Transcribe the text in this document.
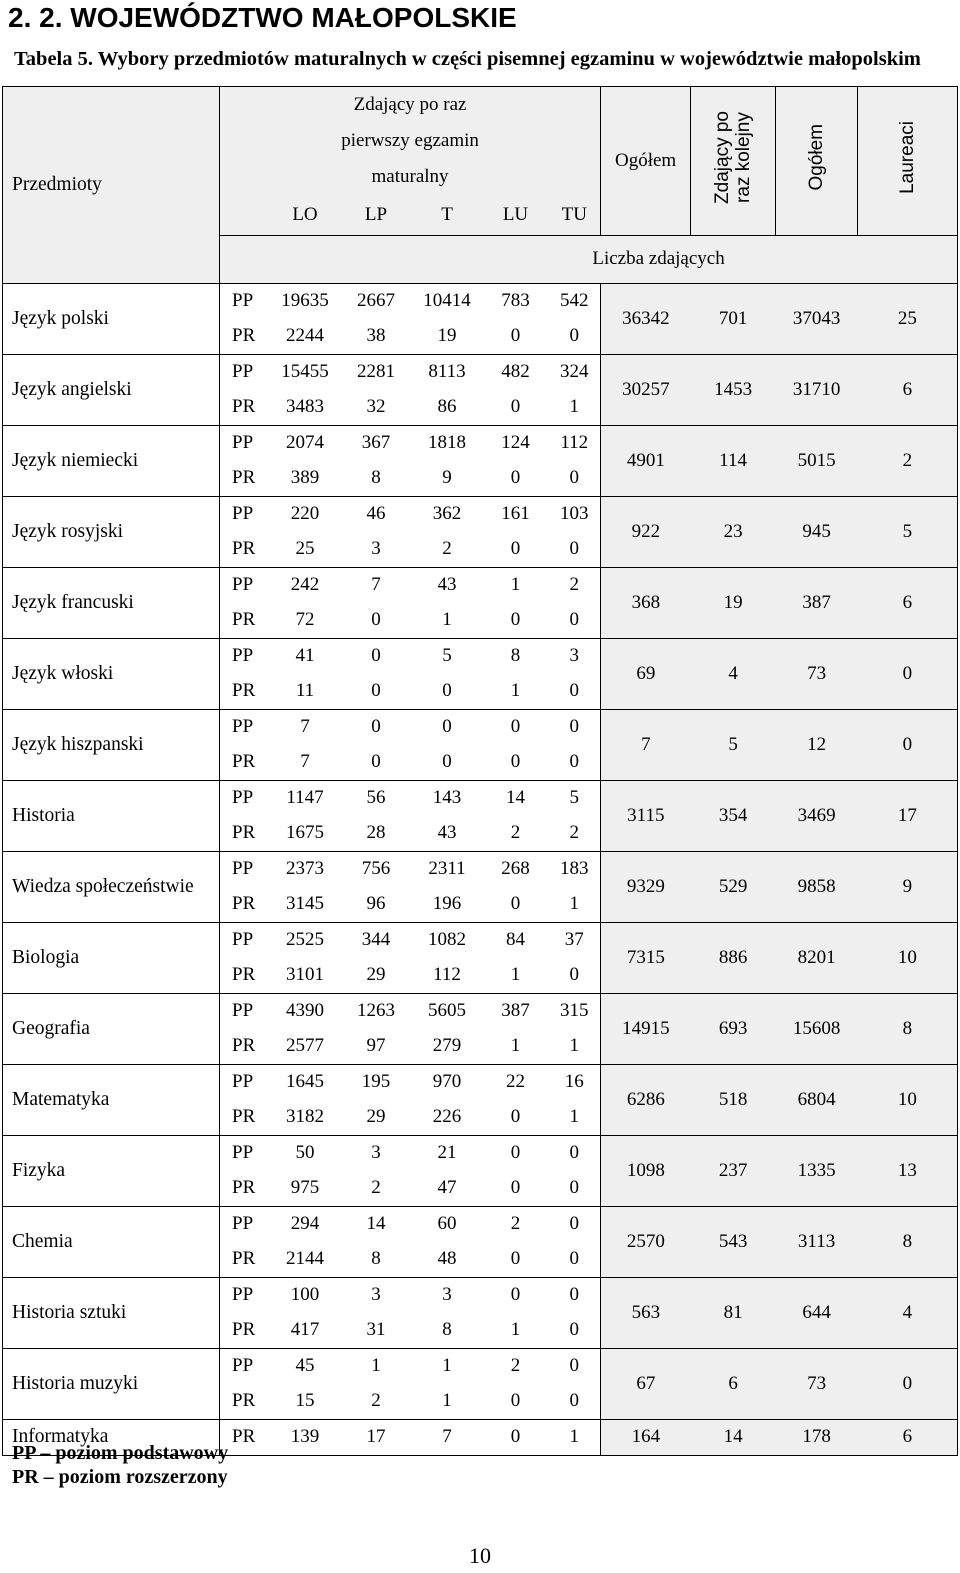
2. 2. WOJEWÓDZTWO MAŁOPOLSKIE

Tabela 5. Wybory przedmiotów maturalnych w części pisemnej egzaminu w województwie małopolskim

Przedmioty	Zdający po raz pierwszy egzamin maturalny						Ogółem	Zdający po
raz kolejny	Ogółem	Laureaci
		LO	LP	T	LU	TU				
	Liczba zdających									
Język polski	PP	19635	2667	10414	783	542	36342	701	37043	25
	PR	2244	38	19	0	0				
Język angielski	PP	15455	2281	8113	482	324	30257	1453	31710	6
	PR	3483	32	86	0	1				
Język niemiecki	PP	2074	367	1818	124	112	4901	114	5015	2
	PR	389	8	9	0	0				
Język rosyjski	PP	220	46	362	161	103	922	23	945	5
	PR	25	3	2	0	0				
Język francuski	PP	242	7	43	1	2	368	19	387	6
	PR	72	0	1	0	0				
Język włoski	PP	41	0	5	8	3	69	4	73	0
	PR	11	0	0	1	0				
Język hiszpanski	PP	7	0	0	0	0	7	5	12	0
	PR	7	0	0	0	0				
Historia	PP	1147	56	143	14	5	3115	354	3469	17
	PR	1675	28	43	2	2				
Wiedza społeczeństwie	PP	2373	756	2311	268	183	9329	529	9858	9
	PR	3145	96	196	0	1				
Biologia	PP	2525	344	1082	84	37	7315	886	8201	10
	PR	3101	29	112	1	0				
Geografia	PP	4390	1263	5605	387	315	14915	693	15608	8
	PR	2577	97	279	1	1				
Matematyka	PP	1645	195	970	22	16	6286	518	6804	10
	PR	3182	29	226	0	1				
Fizyka	PP	50	3	21	0	0	1098	237	1335	13
	PR	975	2	47	0	0				
Chemia	PP	294	14	60	2	0	2570	543	3113	8
	PR	2144	8	48	0	0				
Historia sztuki	PP	100	3	3	0	0	563	81	644	4
	PR	417	31	8	1	0				
Historia muzyki	PP	45	1	1	2	0	67	6	73	0
	PR	15	2	1	0	0				
Informatyka	PR	139	17	7	0	1	164	14	178	6
PP – poziom podstawowy
PR – poziom rozszerzony
10
